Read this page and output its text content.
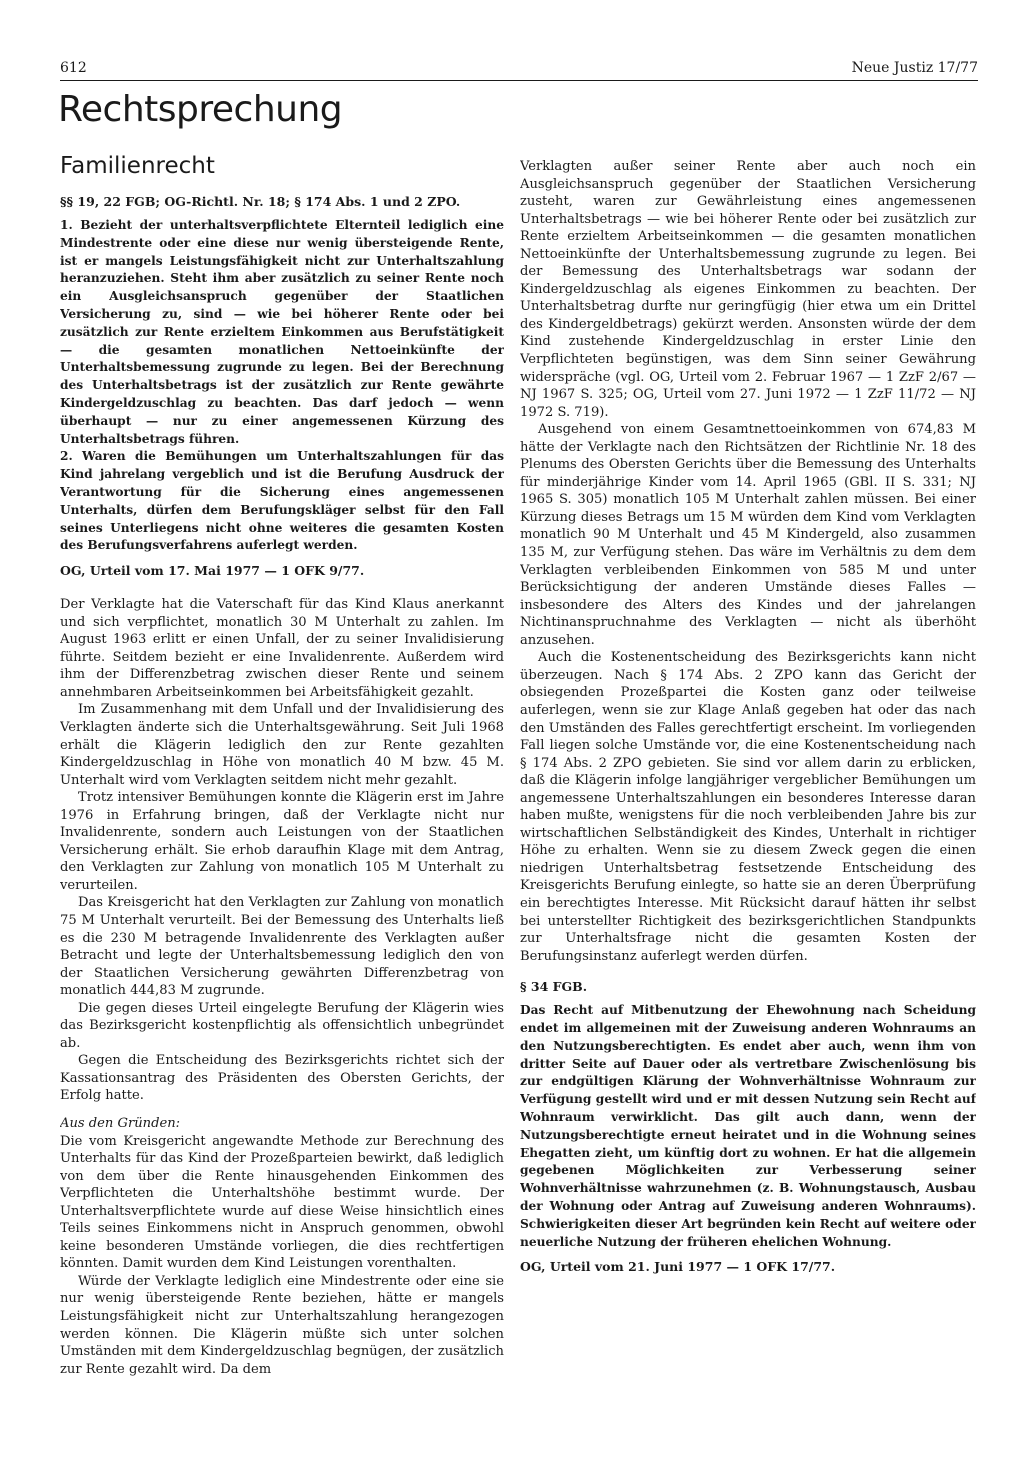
612	Neue Justiz 17/77
Rechtsprechung
Familienrecht

§§ 19, 22 FGB; OG-Richtl. Nr. 18; § 174 Abs. 1 und 2 ZPO.

1. Bezieht der unterhaltsverpflichtete Elternteil lediglich eine Mindestrente oder eine diese nur wenig übersteigende Rente, ist er mangels Leistungsfähigkeit nicht zur Unterhaltszahlung heranzuziehen. Steht ihm aber zusätzlich zu seiner Rente noch ein Ausgleichsanspruch gegenüber der Staatlichen Versicherung zu, sind — wie bei höherer Rente oder bei zusätzlich zur Rente erzieltem Einkommen aus Berufstätigkeit — die gesamten monatlichen Nettoeinkünfte der Unterhaltsbemessung zugrunde zu legen. Bei der Berechnung des Unterhaltsbetrags ist der zusätzlich zur Rente gewährte Kindergeldzuschlag zu beachten. Das darf jedoch — wenn überhaupt — nur zu einer angemessenen Kürzung des Unterhaltsbetrags führen.

2. Waren die Bemühungen um Unterhaltszahlungen für das Kind jahrelang vergeblich und ist die Berufung Ausdruck der Verantwortung für die Sicherung eines angemessenen Unterhalts, dürfen dem Berufungskläger selbst für den Fall seines Unterliegens nicht ohne weiteres die gesamten Kosten des Berufungsverfahrens auferlegt werden.

OG, Urteil vom 17. Mai 1977 — 1 OFK 9/77.

Der Verklagte hat die Vaterschaft für das Kind Klaus anerkannt und sich verpflichtet, monatlich 30 M Unterhalt zu zahlen. Im August 1963 erlitt er einen Unfall, der zu seiner Invalidisierung führte. Seitdem bezieht er eine Invalidenrente. Außerdem wird ihm der Differenzbetrag zwischen dieser Rente und seinem annehmbaren Arbeitseinkommen bei Arbeitsfähigkeit gezahlt.

Im Zusammenhang mit dem Unfall und der Invalidisierung des Verklagten änderte sich die Unterhaltsgewährung. Seit Juli 1968 erhält die Klägerin lediglich den zur Rente gezahlten Kindergeldzuschlag in Höhe von monatlich 40 M bzw. 45 M. Unterhalt wird vom Verklagten seitdem nicht mehr gezahlt.

Trotz intensiver Bemühungen konnte die Klägerin erst im Jahre 1976 in Erfahrung bringen, daß der Verklagte nicht nur Invalidenrente, sondern auch Leistungen von der Staatlichen Versicherung erhält. Sie erhob daraufhin Klage mit dem Antrag, den Verklagten zur Zahlung von monatlich 105 M Unterhalt zu verurteilen.

Das Kreisgericht hat den Verklagten zur Zahlung von monatlich 75 M Unterhalt verurteilt. Bei der Bemessung des Unterhalts ließ es die 230 M betragende Invalidenrente des Verklagten außer Betracht und legte der Unterhaltsbemessung lediglich den von der Staatlichen Versicherung gewährten Differenzbetrag von monatlich 444,83 M zugrunde.

Die gegen dieses Urteil eingelegte Berufung der Klägerin wies das Bezirksgericht kostenpflichtig als offensichtlich unbegründet ab.

Gegen die Entscheidung des Bezirksgerichts richtet sich der Kassationsantrag des Präsidenten des Obersten Gerichts, der Erfolg hatte.

Aus den Gründen:

Die vom Kreisgericht angewandte Methode zur Berechnung des Unterhalts für das Kind der Prozeßparteien bewirkt, daß lediglich von dem über die Rente hinausgehenden Einkommen des Verpflichteten die Unterhaltshöhe bestimmt wurde. Der Unterhaltsverpflichtete wurde auf diese Weise hinsichtlich eines Teils seines Einkommens nicht in Anspruch genommen, obwohl keine besonderen Umstände vorliegen, die dies rechtfertigen könnten. Damit wurden dem Kind Leistungen vorenthalten.

Würde der Verklagte lediglich eine Mindestrente oder eine sie nur wenig übersteigende Rente beziehen, hätte er mangels Leistungsfähigkeit nicht zur Unterhaltszahlung herangezogen werden können. Die Klägerin müßte sich unter solchen Umständen mit dem Kindergeldzuschlag begnügen, der zusätzlich zur Rente gezahlt wird. Da dem

Verklagten außer seiner Rente aber auch noch ein Ausgleichsanspruch gegenüber der Staatlichen Versicherung zusteht, waren zur Gewährleistung eines angemessenen Unterhaltsbetrags — wie bei höherer Rente oder bei zusätzlich zur Rente erzieltem Arbeitseinkommen — die gesamten monatlichen Nettoeinkünfte der Unterhaltsbemessung zugrunde zu legen. Bei der Bemessung des Unterhaltsbetrags war sodann der Kindergeldzuschlag als eigenes Einkommen zu beachten. Der Unterhaltsbetrag durfte nur geringfügig (hier etwa um ein Drittel des Kindergeldbetrags) gekürzt werden. Ansonsten würde der dem Kind zustehende Kindergeldzuschlag in erster Linie den Verpflichteten begünstigen, was dem Sinn seiner Gewährung widerspräche (vgl. OG, Urteil vom 2. Februar 1967 — 1 ZzF 2/67 — NJ 1967 S. 325; OG, Urteil vom 27. Juni 1972 — 1 ZzF 11/72 — NJ 1972 S. 719).

Ausgehend von einem Gesamtnettoeinkommen von 674,83 M hätte der Verklagte nach den Richtsätzen der Richtlinie Nr. 18 des Plenums des Obersten Gerichts über die Bemessung des Unterhalts für minderjährige Kinder vom 14. April 1965 (GBl. II S. 331; NJ 1965 S. 305) monatlich 105 M Unterhalt zahlen müssen. Bei einer Kürzung dieses Betrags um 15 M würden dem Kind vom Verklagten monatlich 90 M Unterhalt und 45 M Kindergeld, also zusammen 135 M, zur Verfügung stehen. Das wäre im Verhältnis zu dem dem Verklagten verbleibenden Einkommen von 585 M und unter Berücksichtigung der anderen Umstände dieses Falles — insbesondere des Alters des Kindes und der jahrelangen Nichtinanspruchnahme des Verklagten — nicht als überhöht anzusehen.

Auch die Kostenentscheidung des Bezirksgerichts kann nicht überzeugen. Nach § 174 Abs. 2 ZPO kann das Gericht der obsiegenden Prozeßpartei die Kosten ganz oder teilweise auferlegen, wenn sie zur Klage Anlaß gegeben hat oder das nach den Umständen des Falles gerechtfertigt erscheint. Im vorliegenden Fall liegen solche Umstände vor, die eine Kostenentscheidung nach § 174 Abs. 2 ZPO gebieten. Sie sind vor allem darin zu erblicken, daß die Klägerin infolge langjähriger vergeblicher Bemühungen um angemessene Unterhaltszahlungen ein besonderes Interesse daran haben mußte, wenigstens für die noch verbleibenden Jahre bis zur wirtschaftlichen Selbständigkeit des Kindes, Unterhalt in richtiger Höhe zu erhalten. Wenn sie zu diesem Zweck gegen die einen niedrigen Unterhaltsbetrag festsetzende Entscheidung des Kreisgerichts Berufung einlegte, so hatte sie an deren Überprüfung ein berechtigtes Interesse. Mit Rücksicht darauf hätten ihr selbst bei unterstellter Richtigkeit des bezirksgerichtlichen Standpunkts zur Unterhaltsfrage nicht die gesamten Kosten der Berufungsinstanz auferlegt werden dürfen.

§ 34 FGB.

Das Recht auf Mitbenutzung der Ehewohnung nach Scheidung endet im allgemeinen mit der Zuweisung anderen Wohnraums an den Nutzungsberechtigten. Es endet aber auch, wenn ihm von dritter Seite auf Dauer oder als vertretbare Zwischenlösung bis zur endgültigen Klärung der Wohnverhältnisse Wohnraum zur Verfügung gestellt wird und er mit dessen Nutzung sein Recht auf Wohnraum verwirklicht. Das gilt auch dann, wenn der Nutzungsberechtigte erneut heiratet und in die Wohnung seines Ehegatten zieht, um künftig dort zu wohnen. Er hat die allgemein gegebenen Möglichkeiten zur Verbesserung seiner Wohnverhältnisse wahrzunehmen (z. B. Wohnungstausch, Ausbau der Wohnung oder Antrag auf Zuweisung anderen Wohnraums). Schwierigkeiten dieser Art begründen kein Recht auf weitere oder neuerliche Nutzung der früheren ehelichen Wohnung.

OG, Urteil vom 21. Juni 1977 — 1 OFK 17/77.
